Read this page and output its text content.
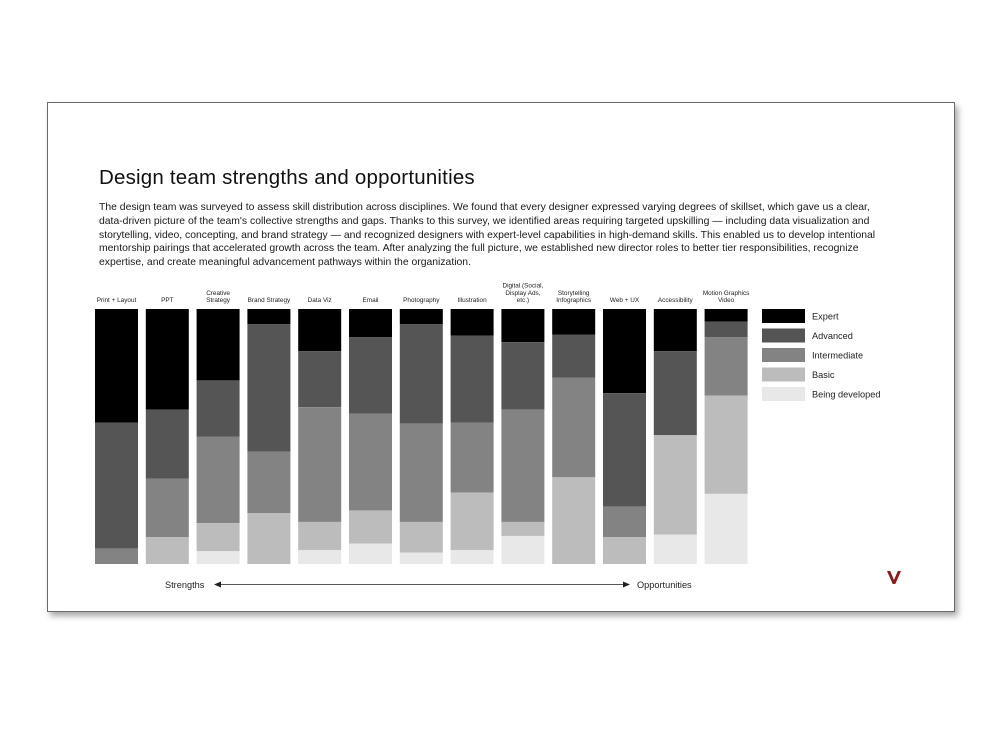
Design team strengths and opportunities

The design team was surveyed to assess skill distribution across disciplines. We found that every designer expressed varying degrees of skillset, which gave us a clear, data-driven picture of the team's collective strengths and gaps. Thanks to this survey, we identified areas requiring targeted upskilling — including data visualization and storytelling, video, concepting, and brand strategy — and recognized designers with expert-level capabilities in high-demand skills. This enabled us to develop intentional mentorship pairings that accelerated growth across the team. After analyzing the full picture, we established new director roles to better tier responsibilities, recognize expertise, and create meaningful advancement pathways within the organization.

Print + Layout	PPT
Creative
Strategy	Brand Strategy	Data Viz	Email	Photography	Illustration
Digital (Social,
Display Ads,
etc.)
Storytelling
Infographics	Web + UX	Accessibility
Motion Graphics
Video
Expert
Advanced
Intermediate
Basic
Being developed
Strengths	Opportunities
